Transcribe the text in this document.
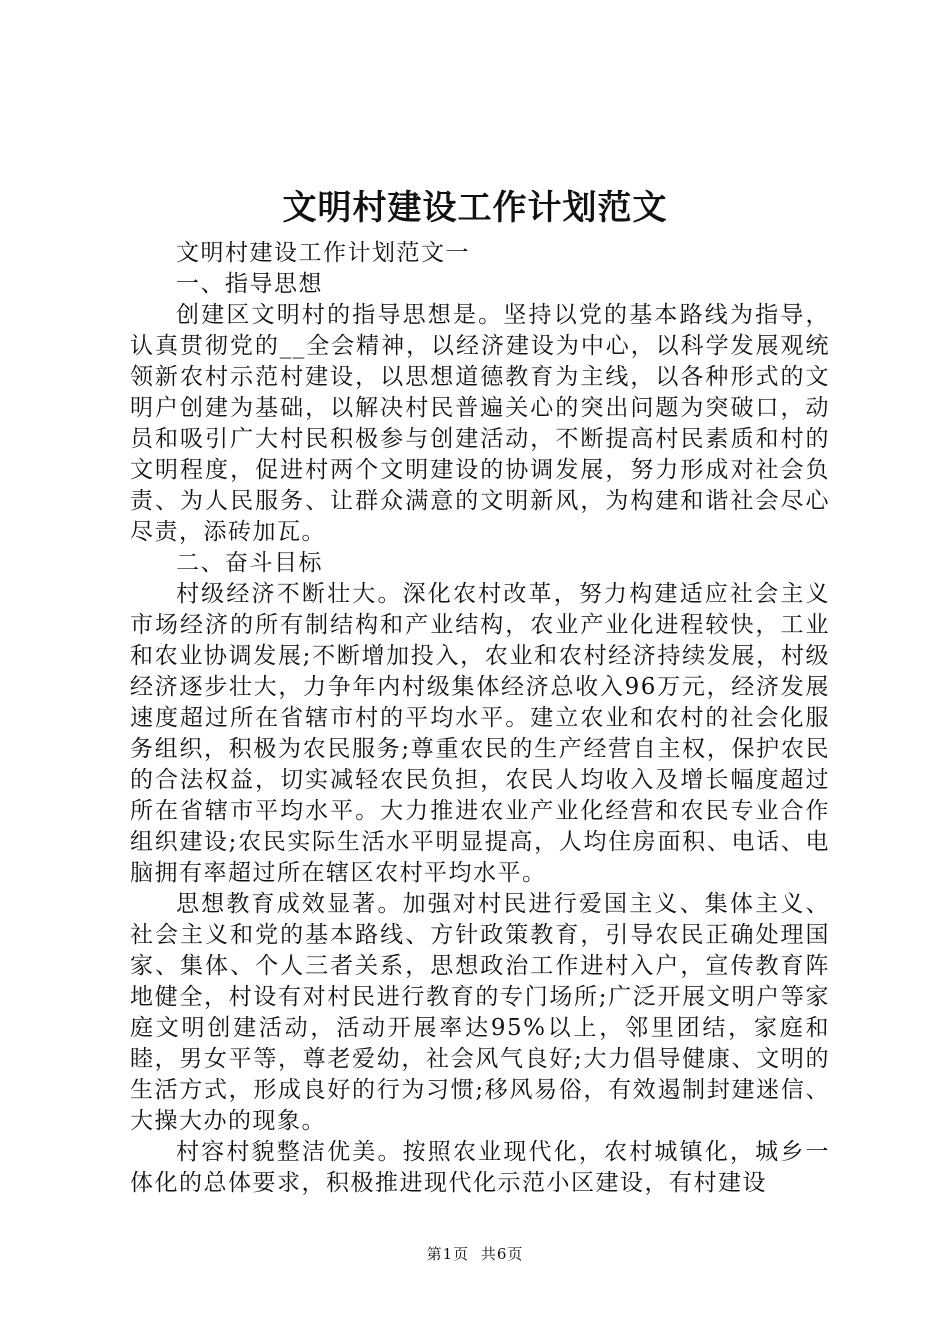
文明村建设工作计划范文

文明村建设工作计划范文一

一、指导思想

创建区文明村的指导思想是。坚持以党的基本路线为指导，认真贯彻党的__全会精神，以经济建设为中心，以科学发展观统领新农村示范村建设，以思想道德教育为主线，以各种形式的文明户创建为基础，以解决村民普遍关心的突出问题为突破口，动员和吸引广大村民积极参与创建活动，不断提高村民素质和村的文明程度，促进村两个文明建设的协调发展，努力形成对社会负责、为人民服务、让群众满意的文明新风，为构建和谐社会尽心尽责，添砖加瓦。

二、奋斗目标

村级经济不断壮大。深化农村改革，努力构建适应社会主义市场经济的所有制结构和产业结构，农业产业化进程较快，工业和农业协调发展;不断增加投入，农业和农村经济持续发展，村级经济逐步壮大，力争年内村级集体经济总收入96万元，经济发展速度超过所在省辖市村的平均水平。建立农业和农村的社会化服务组织，积极为农民服务;尊重农民的生产经营自主权，保护农民的合法权益，切实减轻农民负担，农民人均收入及增长幅度超过所在省辖市平均水平。大力推进农业产业化经营和农民专业合作组织建设;农民实际生活水平明显提高，人均住房面积、电话、电脑拥有率超过所在辖区农村平均水平。

思想教育成效显著。加强对村民进行爱国主义、集体主义、社会主义和党的基本路线、方针政策教育，引导农民正确处理国家、集体、个人三者关系，思想政治工作进村入户，宣传教育阵地健全，村设有对村民进行教育的专门场所;广泛开展文明户等家庭文明创建活动，活动开展率达95%以上，邻里团结，家庭和睦，男女平等，尊老爱幼，社会风气良好;大力倡导健康、文明的生活方式，形成良好的行为习惯;移风易俗，有效遏制封建迷信、大操大办的现象。

村容村貌整洁优美。按照农业现代化，农村城镇化，城乡一体化的总体要求，积极推进现代化示范小区建设，有村建设

第1页 共6页
